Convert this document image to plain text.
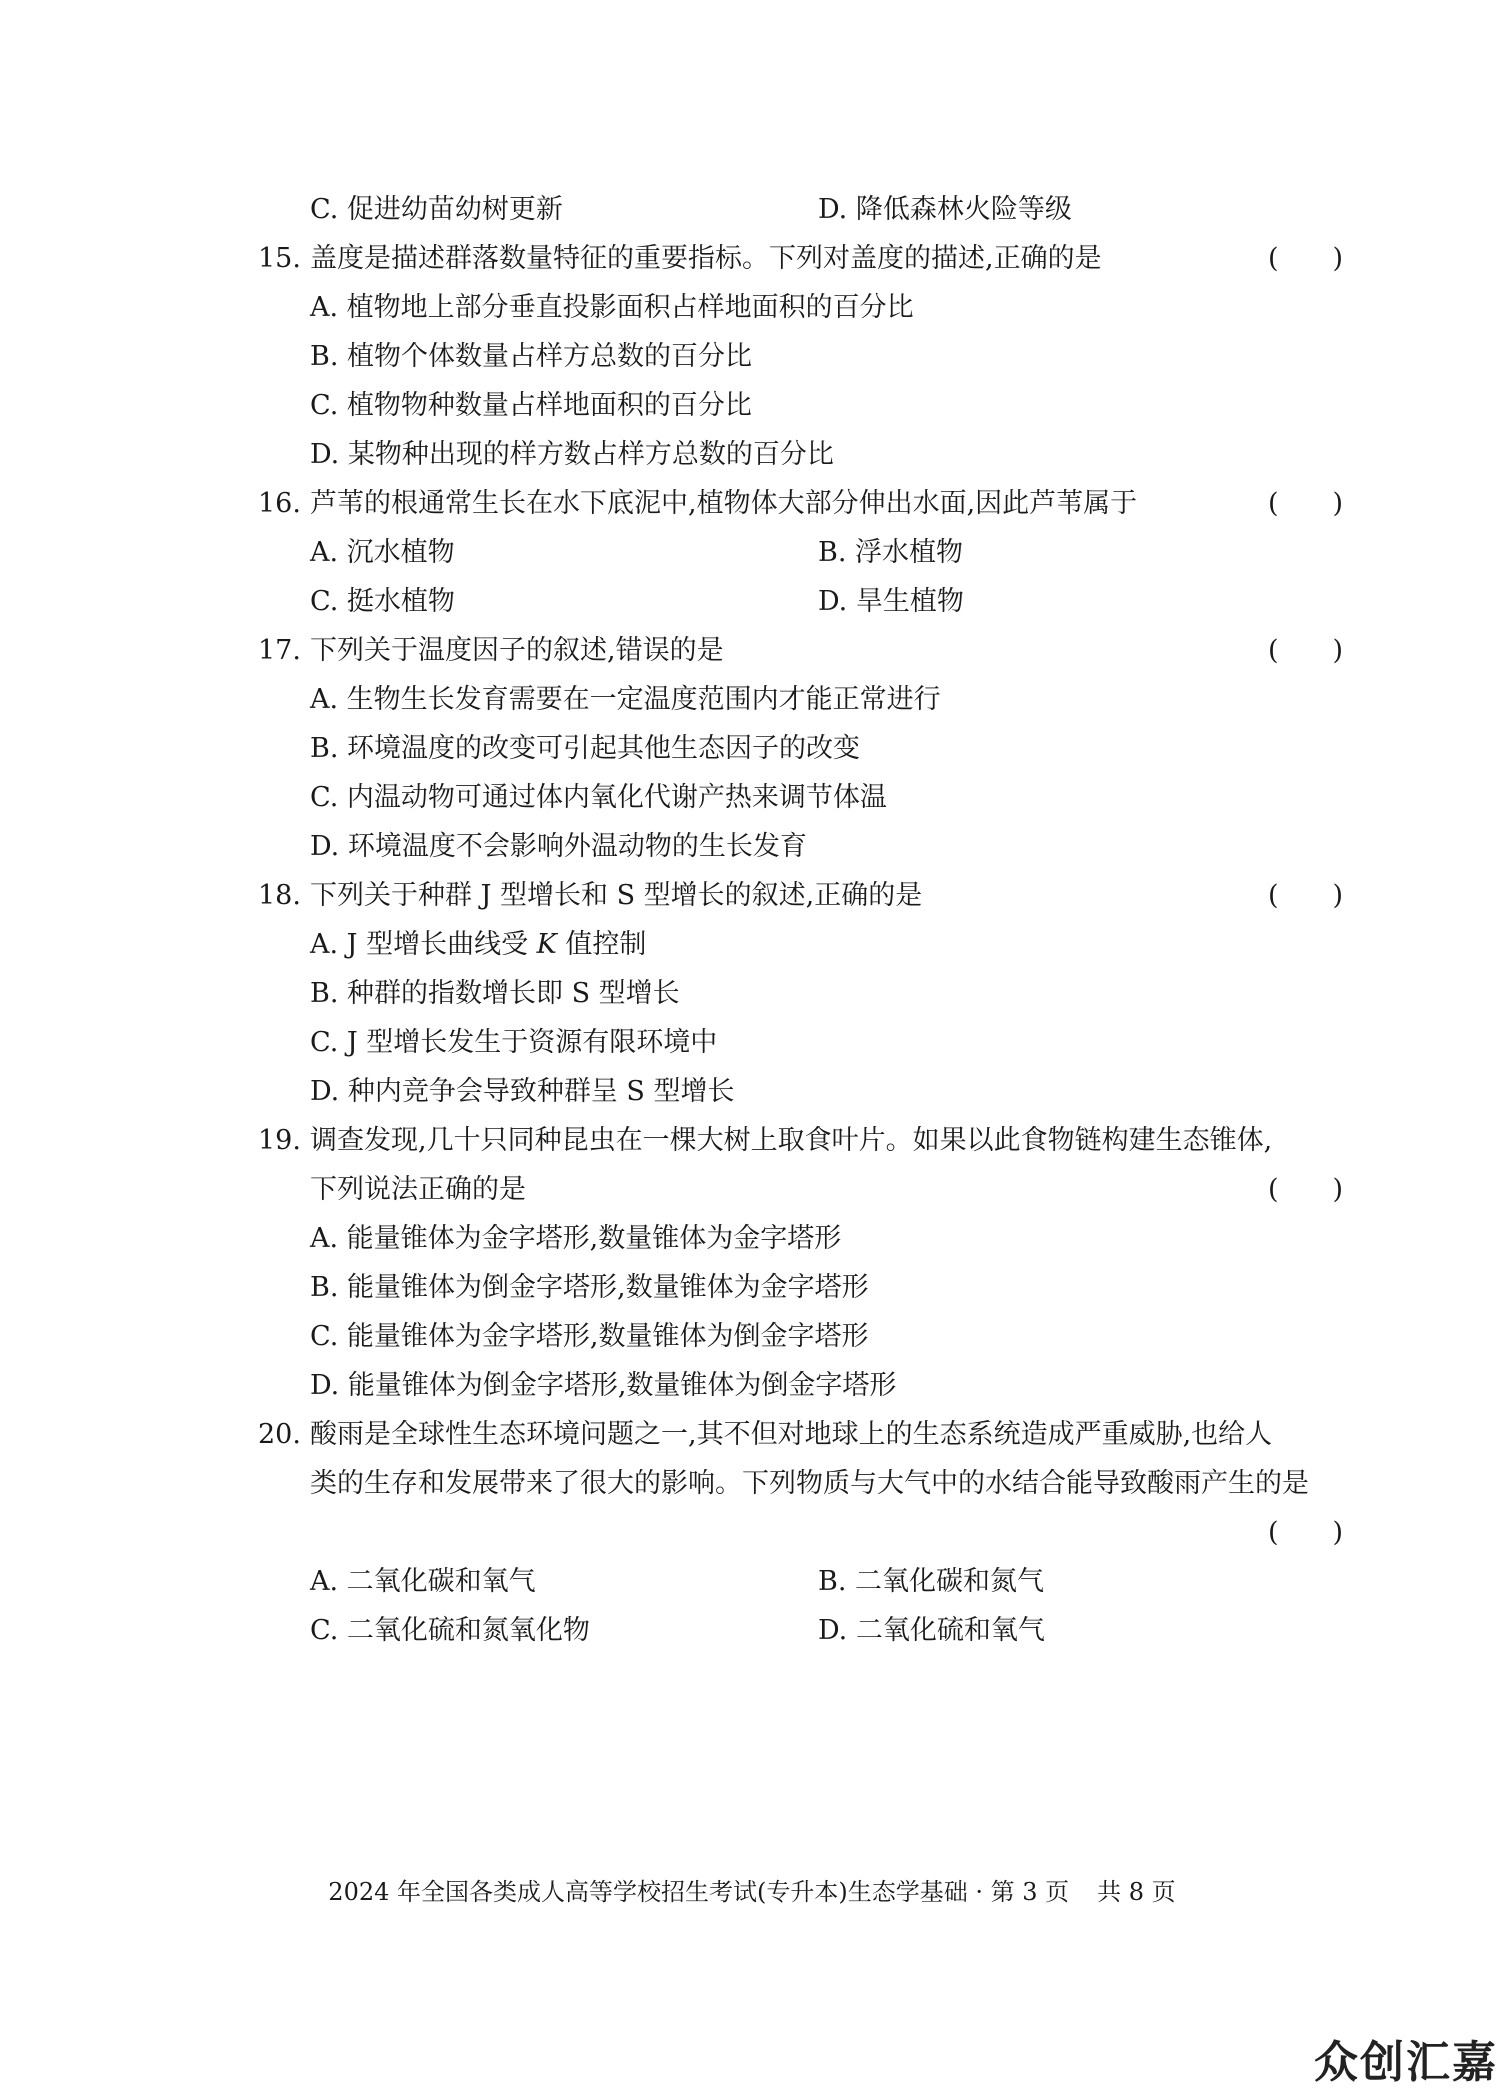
C. 促进幼苗幼树更新	D. 降低森林火险等级
15. 盖度是描述群落数量特征的重要指标。下列对盖度的描述,正确的是	(　　)
A. 植物地上部分垂直投影面积占样地面积的百分比
B. 植物个体数量占样方总数的百分比
C. 植物物种数量占样地面积的百分比
D. 某物种出现的样方数占样方总数的百分比
16. 芦苇的根通常生长在水下底泥中,植物体大部分伸出水面,因此芦苇属于	(　　)
A. 沉水植物	B. 浮水植物
C. 挺水植物	D. 旱生植物
17. 下列关于温度因子的叙述,错误的是	(　　)
A. 生物生长发育需要在一定温度范围内才能正常进行
B. 环境温度的改变可引起其他生态因子的改变
C. 内温动物可通过体内氧化代谢产热来调节体温
D. 环境温度不会影响外温动物的生长发育
18. 下列关于种群 J 型增长和 S 型增长的叙述,正确的是	(　　)
A. J 型增长曲线受 K 值控制
B. 种群的指数增长即 S 型增长
C. J 型增长发生于资源有限环境中
D. 种内竞争会导致种群呈 S 型增长
19. 调查发现,几十只同种昆虫在一棵大树上取食叶片。如果以此食物链构建生态锥体,
下列说法正确的是	(　　)
A. 能量锥体为金字塔形,数量锥体为金字塔形
B. 能量锥体为倒金字塔形,数量锥体为金字塔形
C. 能量锥体为金字塔形,数量锥体为倒金字塔形
D. 能量锥体为倒金字塔形,数量锥体为倒金字塔形
20. 酸雨是全球性生态环境问题之一,其不但对地球上的生态系统造成严重威胁,也给人
类的生存和发展带来了很大的影响。下列物质与大气中的水结合能导致酸雨产生的是
(　　)
A. 二氧化碳和氧气	B. 二氧化碳和氮气
C. 二氧化硫和氮氧化物	D. 二氧化硫和氧气
2024 年全国各类成人高等学校招生考试(专升本)生态学基础 · 第 3 页 共 8 页
众创汇嘉
